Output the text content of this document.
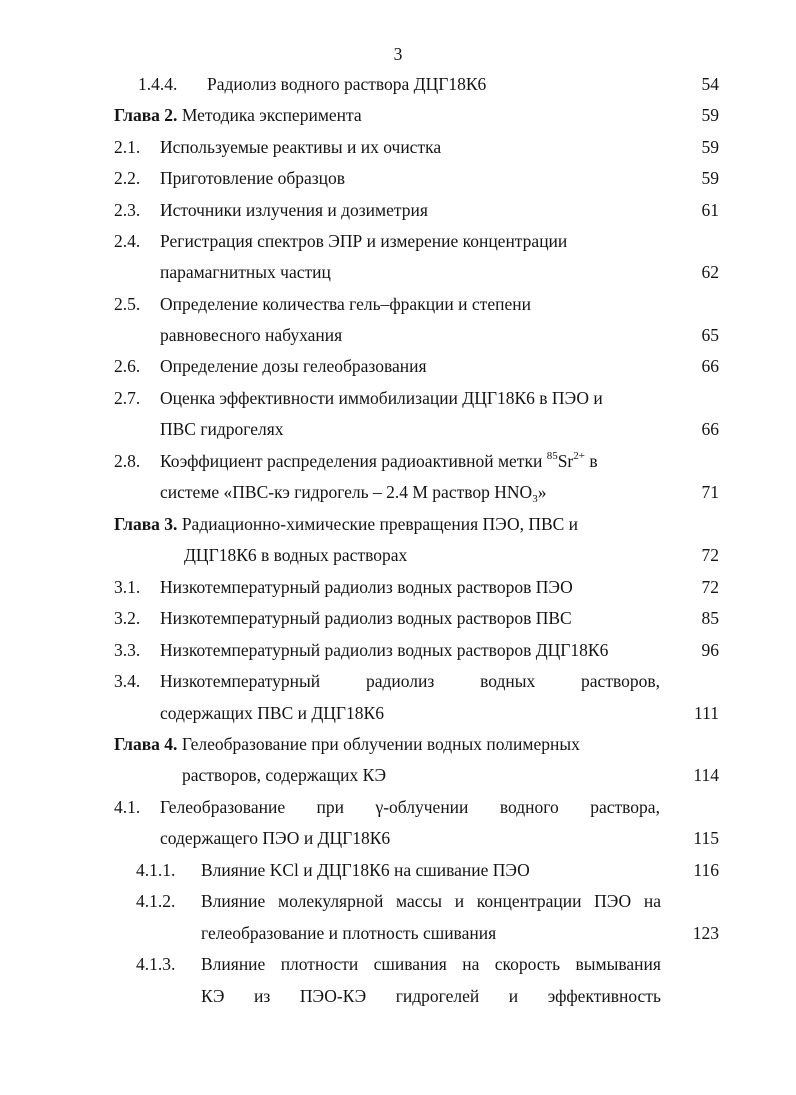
3
1.4.4. Радиолиз водного раствора ДЦГ18К6	54
Глава 2. Методика эксперимента	59
2.1. Используемые реактивы и их очистка	59
2.2. Приготовление образцов	59
2.3. Источники излучения и дозиметрия	61
2.4. Регистрация спектров ЭПР и измерение концентрации
парамагнитных частиц	62
2.5. Определение количества гель–фракции и степени
равновесного набухания	65
2.6. Определение дозы гелеобразования	66
2.7. Оценка эффективности иммобилизации ДЦГ18К6 в ПЭО и
ПВС гидрогелях	66
2.8. Коэффициент распределения радиоактивной метки $^{85}Sr^{2+}$ в
системе «ПВС-кэ гидрогель – 2.4 М раствор $HNO_3$»	71
Глава 3. Радиационно-химические превращения ПЭО, ПВС и
ДЦГ18К6 в водных растворах	72
3.1. Низкотемпературный радиолиз водных растворов ПЭО	72
3.2. Низкотемпературный радиолиз водных растворов ПВС	85
3.3. Низкотемпературный радиолиз водных растворов ДЦГ18К6	96
3.4. Низкотемпературный	радиолиз	водных	растворов,
содержащих ПВС и ДЦГ18К6	111
Глава 4. Гелеобразование при облучении водных полимерных
растворов, содержащих КЭ	114
4.1. Гелеобразование при γ-облучении водного раствора,
содержащего ПЭО и ДЦГ18К6	115
4.1.1. Влияние KCl и ДЦГ18К6 на сшивание ПЭО	116
4.1.2. Влияние молекулярной массы и концентрации ПЭО на
гелеобразование и плотность сшивания	123
4.1.3. Влияние плотности сшивания на скорость вымывания
КЭ из ПЭО-КЭ гидрогелей и эффективность
